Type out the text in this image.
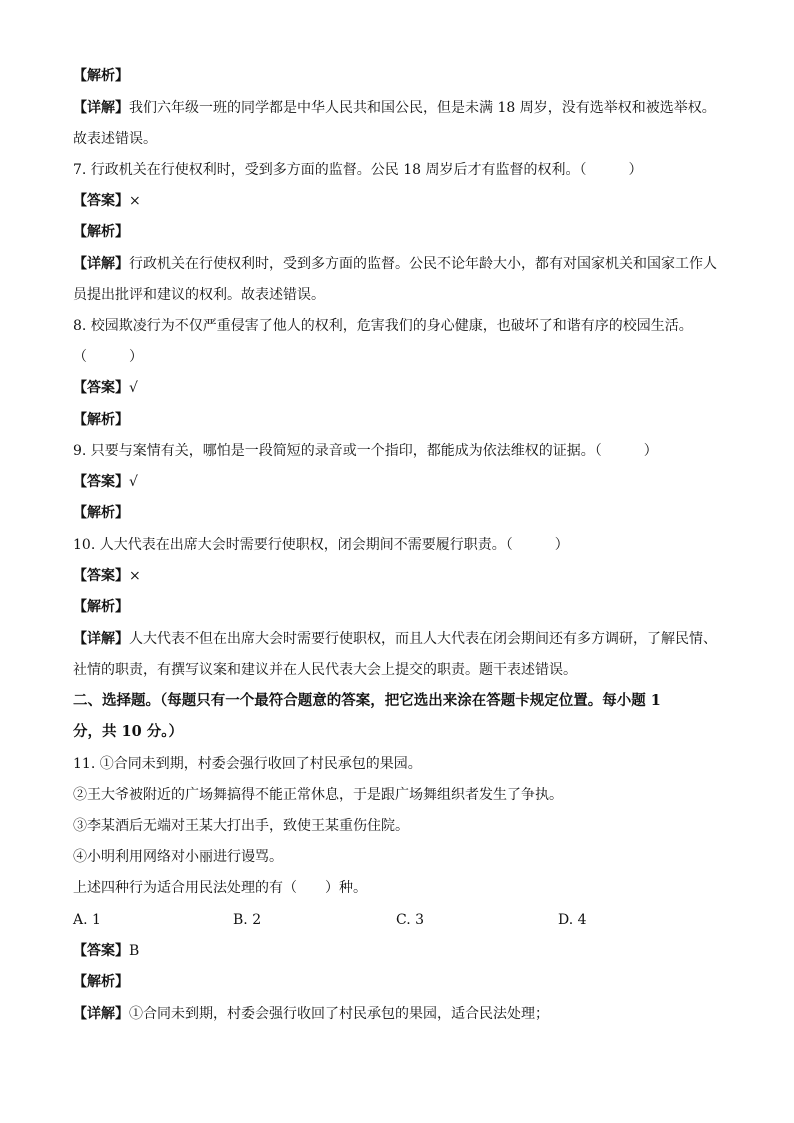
【解析】
【详解】我们六年级一班的同学都是中华人民共和国公民，但是未满 18 周岁，没有选举权和被选举权。
故表述错误。
7. 行政机关在行使权利时，受到多方面的监督。公民 18 周岁后才有监督的权利。（　　　）
【答案】×
【解析】
【详解】行政机关在行使权利时，受到多方面的监督。公民不论年龄大小，都有对国家机关和国家工作人
员提出批评和建议的权利。故表述错误。
8. 校园欺凌行为不仅严重侵害了他人的权利，危害我们的身心健康，也破坏了和谐有序的校园生活。
（　　　）
【答案】√
【解析】
9. 只要与案情有关，哪怕是一段简短的录音或一个指印，都能成为依法维权的证据。（　　　）
【答案】√
【解析】
10. 人大代表在出席大会时需要行使职权，闭会期间不需要履行职责。（　　　）
【答案】×
【解析】
【详解】人大代表不但在出席大会时需要行使职权，而且人大代表在闭会期间还有多方调研，了解民情、
社情的职责，有撰写议案和建议并在人民代表大会上提交的职责。题干表述错误。
二、选择题。（每题只有一个最符合题意的答案，把它选出来涂在答题卡规定位置。每小题 1
分，共 10 分。）
11. ①合同未到期，村委会强行收回了村民承包的果园。
②王大爷被附近的广场舞搞得不能正常休息，于是跟广场舞组织者发生了争执。
③李某酒后无端对王某大打出手，致使王某重伤住院。
④小明利用网络对小丽进行谩骂。
上述四种行为适合用民法处理的有（　　）种。
A. 1	B. 2	C. 3	D. 4
【答案】B
【解析】
【详解】①合同未到期，村委会强行收回了村民承包的果园，适合民法处理；
